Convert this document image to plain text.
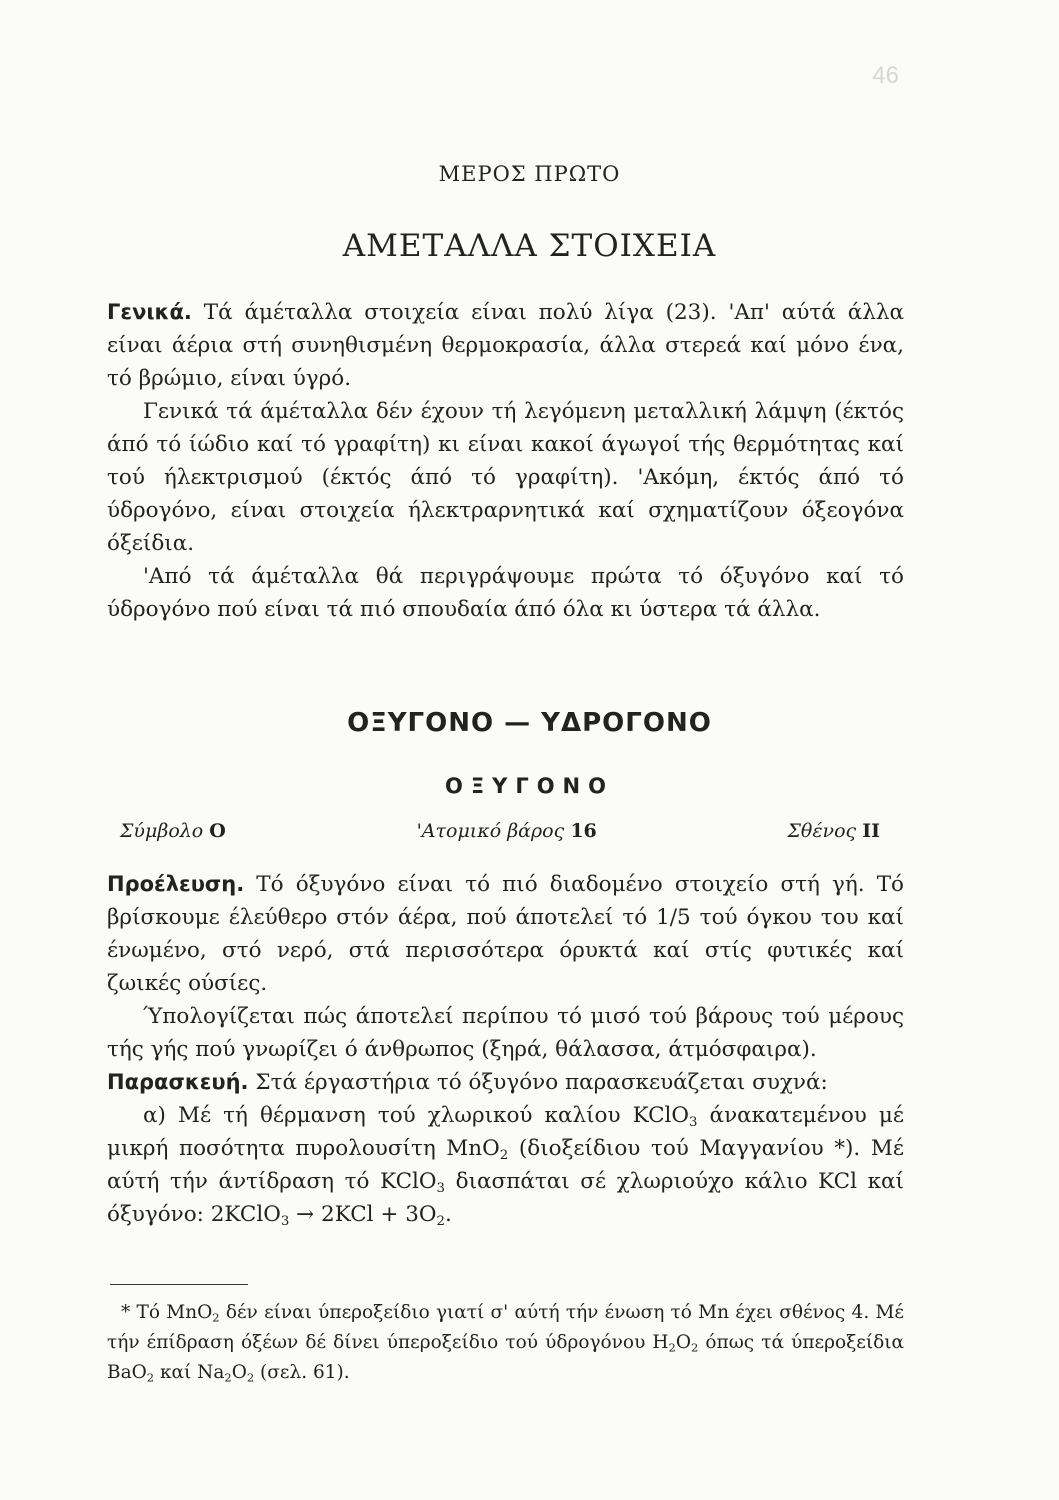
46
ΜΕΡΟΣ ΠΡΩΤΟ
ΑΜΕΤΑΛΛΑ ΣΤΟΙΧΕΙΑ

Γενικά. Τά άμέταλλα στοιχεία είναι πολύ λίγα (23). 'Απ' αύτά άλλα είναι άέρια στή συνηθισμένη θερμοκρασία, άλλα στερεά καί μόνο ένα, τό βρώμιο, είναι ύγρό.

Γενικά τά άμέταλλα δέν έχουν τή λεγόμενη μεταλλική λάμψη (έκτός άπό τό ίώδιο καί τό γραφίτη) κι είναι κακοί άγωγοί τής θερμότητας καί τού ήλεκτρισμού (έκτός άπό τό γραφίτη). 'Ακόμη, έκτός άπό τό ύδρογόνο, είναι στοιχεία ήλεκτραρνητικά καί σχηματίζουν όξεογόνα όξείδια.

'Από τά άμέταλλα θά περιγράψουμε πρώτα τό όξυγόνο καί τό ύδρογόνο πού είναι τά πιό σπουδαία άπό όλα κι ύστερα τά άλλα.

ΟΞΥΓΟΝΟ — ΥΔΡΟΓΟΝΟ
ΟΞΥΓΟΝΟ
Σύμβολο O	'Ατομικό βάρος 16	Σθένος II

Προέλευση. Τό όξυγόνο είναι τό πιό διαδομένο στοιχείο στή γή. Τό βρίσκουμε έλεύθερο στόν άέρα, πού άποτελεί τό 1/5 τού όγκου του καί ένωμένο, στό νερό, στά περισσότερα όρυκτά καί στίς φυτικές καί ζωικές ούσίες.

Ύπολογίζεται πώς άποτελεί περίπου τό μισό τού βάρους τού μέρους τής γής πού γνωρίζει ό άνθρωπος (ξηρά, θάλασσα, άτμόσφαιρα).

Παρασκευή. Στά έργαστήρια τό όξυγόνο παρασκευάζεται συχνά:

α) Μέ τή θέρμανση τού χλωρικού καλίου KClO$_3$ άνακατεμένου μέ μικρή ποσότητα πυρολουσίτη MnO$_2$ (διοξείδιου τού Μαγγανίου *). Μέ αύτή τήν άντίδραση τό KClO$_3$ διασπάται σέ χλωριούχο κάλιο KCl καί όξυγόνο: 2KClO$_3$ → $2KCl + 3O_2$.

* Τό MnO$_2$ δέν είναι ύπεροξείδιο γιατί σ' αύτή τήν ένωση τό Mn έχει σθένος 4. Μέ τήν έπίδραση όξέων δέ δίνει ύπεροξείδιο τού ύδρογόνου $H_2O_2$ όπως τά ύπεροξείδια BaO$_2$ καί $Na_2O_2$ (σελ. 61).
